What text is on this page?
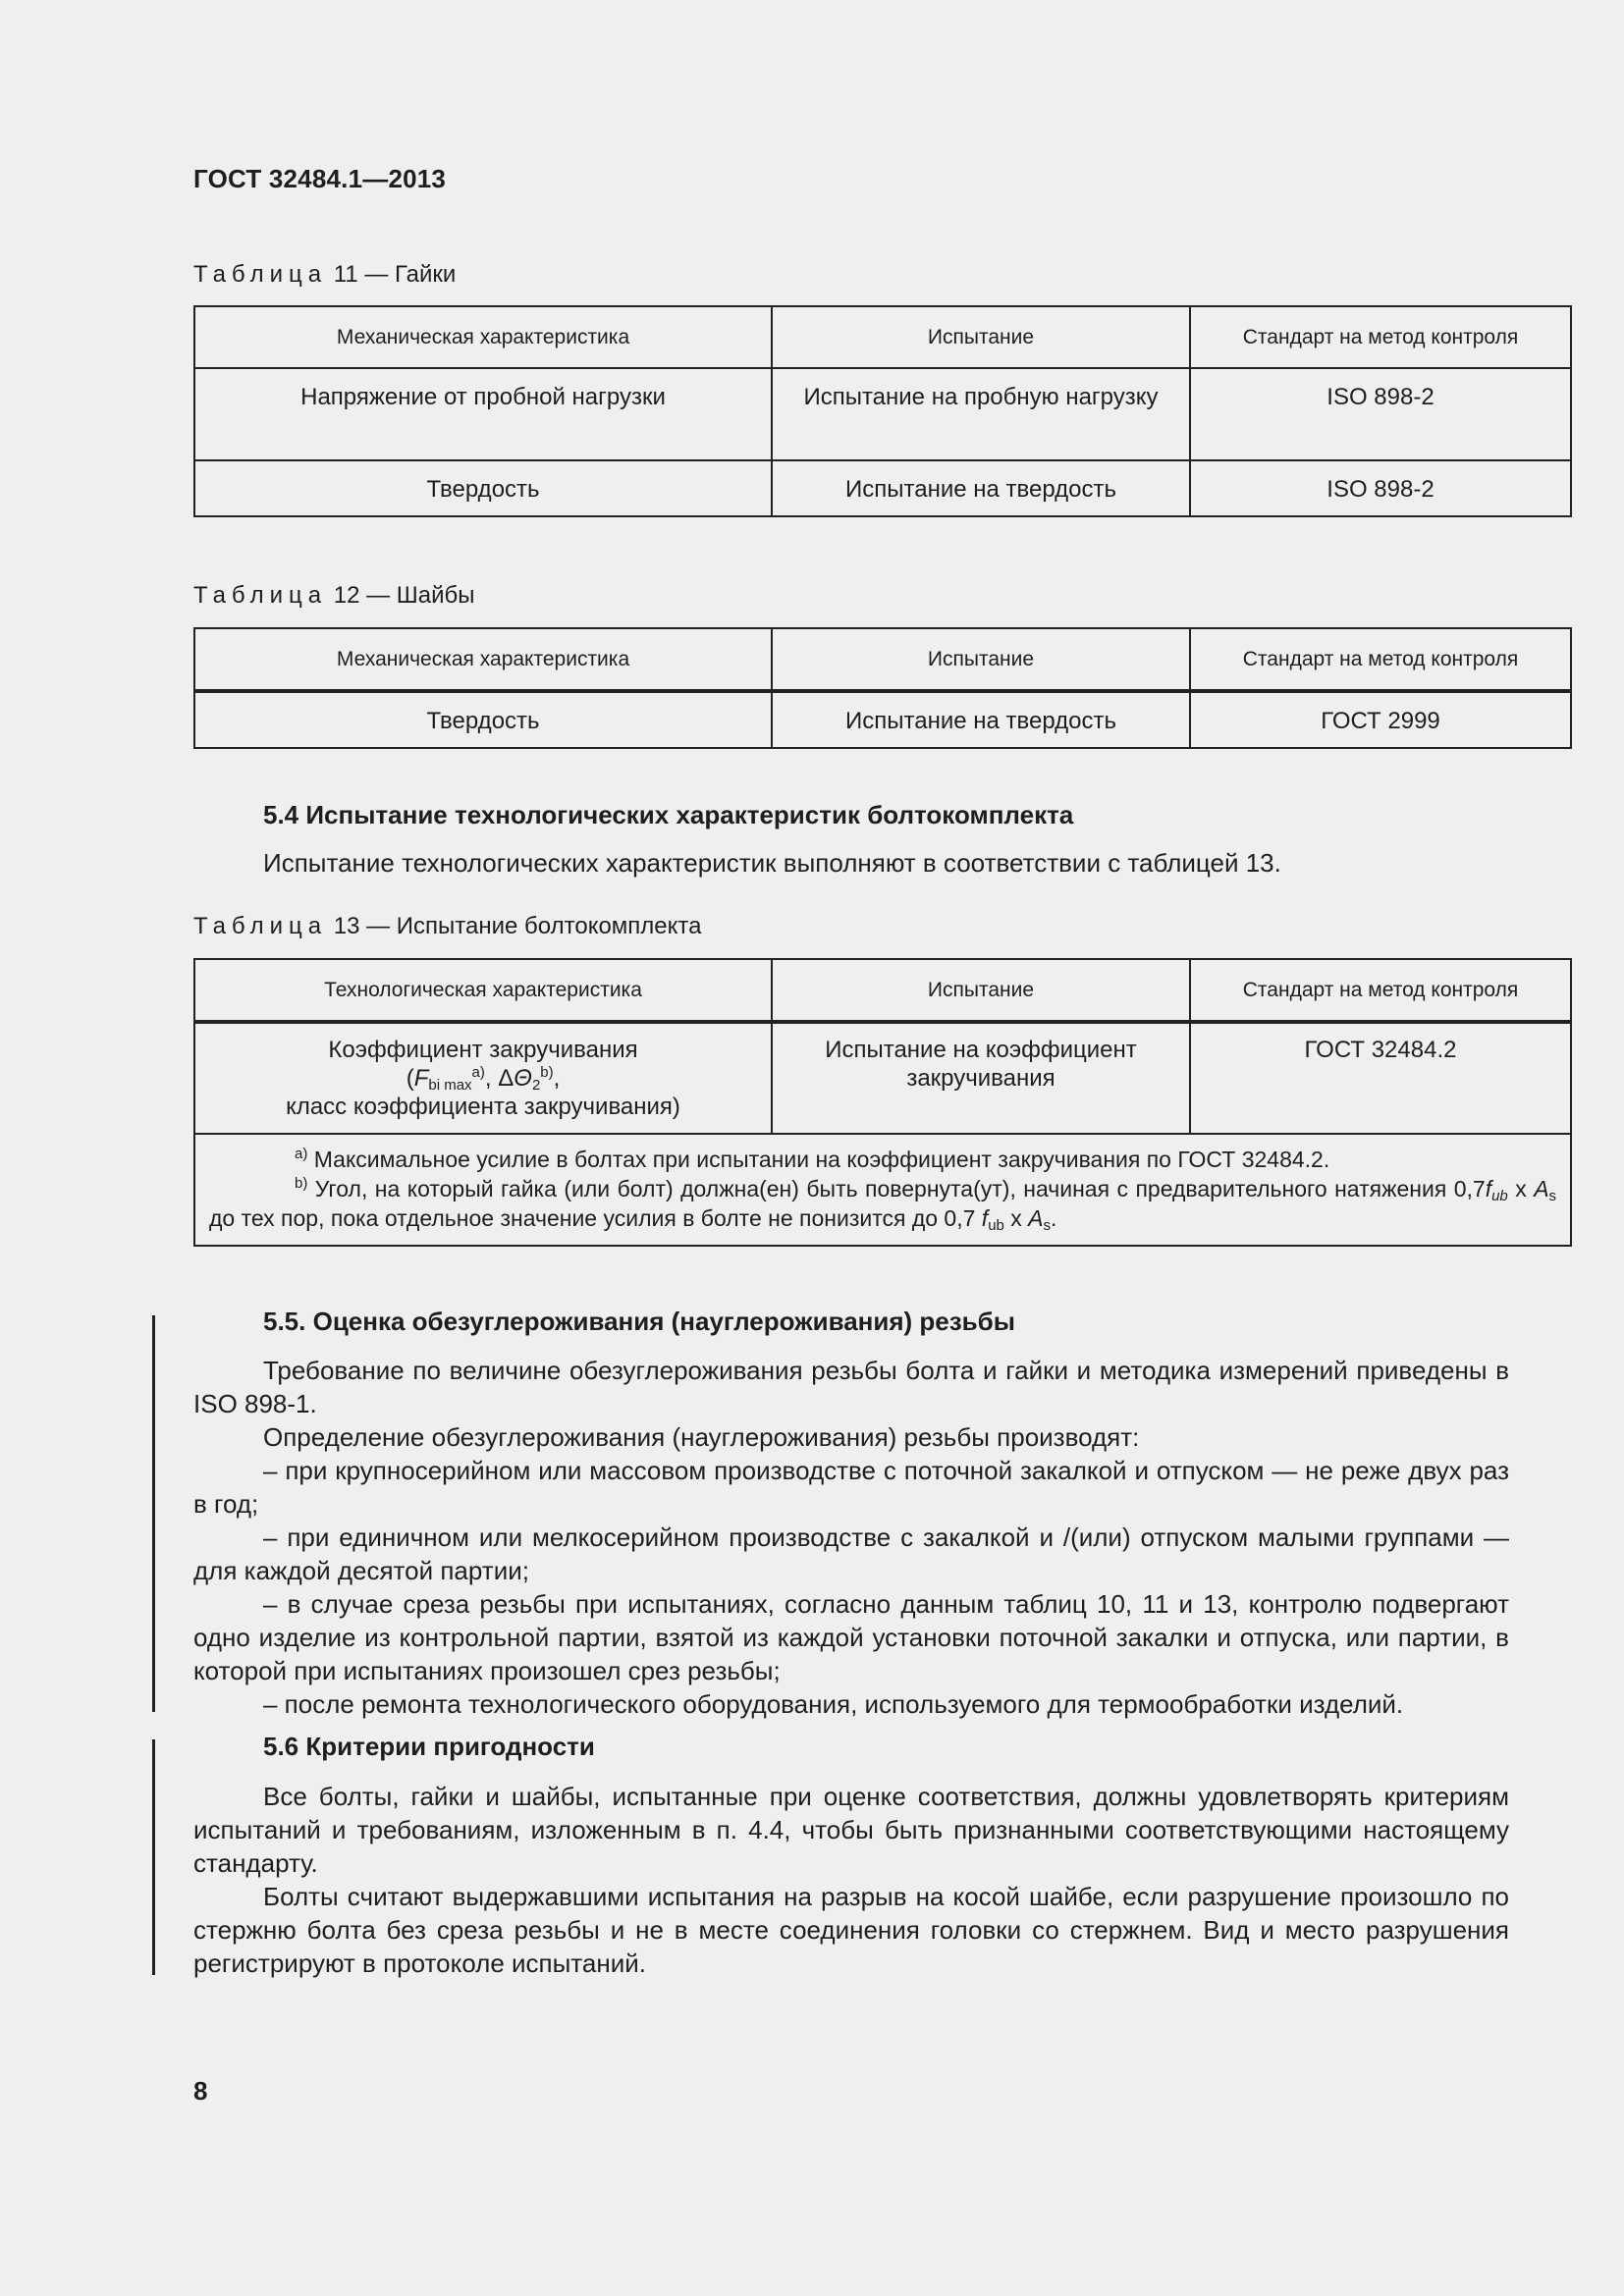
ГОСТ 32484.1—2013
Таблица 11 — Гайки
Механическая характеристика	Испытание	Стандарт на метод контроля
Напряжение от пробной нагрузки	Испытание на пробную нагрузку	ISO 898-2
Твердость	Испытание на твердость	ISO 898-2
Таблица 12 — Шайбы
Механическая характеристика	Испытание	Стандарт на метод контроля
Твердость	Испытание на твердость	ГОСТ 2999
5.4 Испытание технологических характеристик болтокомплекта

Испытание технологических характеристик выполняют в соответствии с таблицей 13.

Таблица 13 — Испытание болтокомплекта
Технологическая характеристика	Испытание	Стандарт на метод контроля

Коэффициент закручивания
($F_{bi max}^{a)}$, $\Delta\Theta_2^{b)}$,
класс коэффициента закручивания)	Испытание на коэффициент закручивания	ГОСТ 32484.2

$^{a)}$ Максимальное усилие в болтах при испытании на коэффициент закручивания по ГОСТ 32484.2.
$^{b)}$ Угол, на который гайка (или болт) должна(ен) быть повернута(ут), начиная с предварительного натяжения $0,7f_{ub}$ x $A_s$ до тех пор, пока отдельное значение усилия в болте не понизится до 0,7 $f_{ub}$ x $A_s$.		
5.5. Оценка обезуглероживания (науглероживания) резьбы

Требование по величине обезуглероживания резьбы болта и гайки и методика измерений приведены в ISO 898-1.

Определение обезуглероживания (науглероживания) резьбы производят:

– при крупносерийном или массовом производстве с поточной закалкой и отпуском — не реже двух раз в год;

– при единичном или мелкосерийном производстве с закалкой и /(или) отпуском малыми группами — для каждой десятой партии;

– в случае среза резьбы при испытаниях, согласно данным таблиц 10, 11 и 13, контролю подвергают одно изделие из контрольной партии, взятой из каждой установки поточной закалки и отпуска, или партии, в которой при испытаниях произошел срез резьбы;

– после ремонта технологического оборудования, используемого для термообработки изделий.

5.6 Критерии пригодности

Все болты, гайки и шайбы, испытанные при оценке соответствия, должны удовлетворять критериям испытаний и требованиям, изложенным в п. 4.4, чтобы быть признанными соответствующими настоящему стандарту.

Болты считают выдержавшими испытания на разрыв на косой шайбе, если разрушение произошло по стержню болта без среза резьбы и не в месте соединения головки со стержнем. Вид и место разрушения регистрируют в протоколе испытаний.

8
